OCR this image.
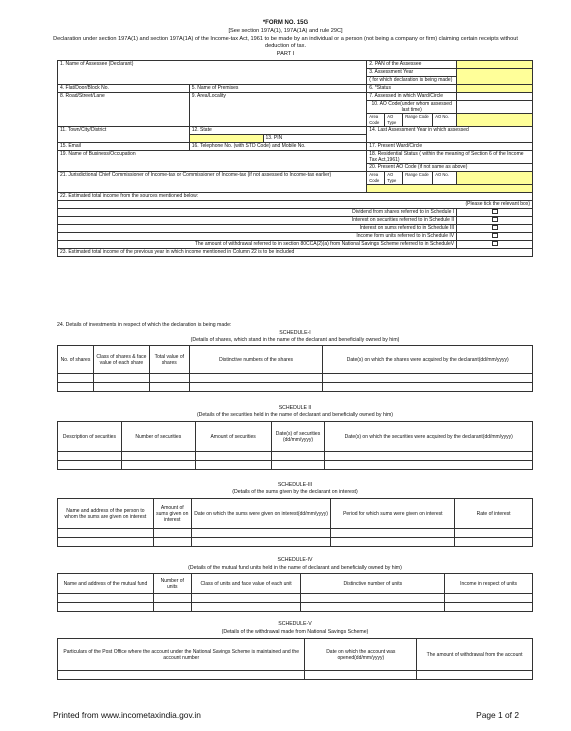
*FORM NO. 15G
[See section 197A(1), 197A(1A) and rule 29C]
Declaration under section 197A(1) and section 197A(1A) of the Income-tax Act, 1961 to be made by an individual or a person (not being a company or firm) claiming certain receipts without deduction of tax.
PART I
1. Name of Assessee (Declarant)			2. PAN of the Assessee				
			3. Assessment Year				
			( for which declaration is being made)				
4. Flat/Door/Block No.	5. Name of Premises		6. *Status				
8. Road/Street/Lane	9. Area/Locality		7. Assessed in which Ward/Circle				
			10. AO Code(under whom assessed last time)				
			Area Code	AO Type	Range Code	AO No.	
11. Town/City/District	12. State		14. Last Assessment Year in which assessed				
		13. PIN					
15. Email	16. Telephone No. (with STD Code) and Mobile No.		17. Present Ward/Circle				
19. Name of Business/Occupation			18. Residential Status ( within the meaning of Section 6 of the Income Tax Act,1961)				
			20. Present AO Code (if not same as above)				
21. Jurisdictional Chief Commissioner of Income-tax or Commissioner of Income-tax (if not assessed to Income-tax earlier)			Area Code	AO Type	Range Code	AO No.	

22. Estimated total income from the sources mentioned below:							
(Please tick the relevant box)							
Dividend from shares referred to in Schedule I							
Interest on securities referred to in Schedule II							
Interest on sums referred to in Schedule III							
Income form units referred to in Schedule IV							
The amount of withdrawal referred to in section 80CCA(2)(a) from National Savings Scheme referred to in ScheduleV							
23. Estimated total income of the previous year in which income mentioned in Column 22 is to be included							
24. Details of investments in respect of which the declaration is being made:
SCHEDULE-I
(Details of shares, which stand in the name of the declarant and beneficially owned by him)
No. of shares	Class of shares & face value of each share	Total value of shares	Distinctive numbers of the shares	Date(s) on which the shares were acquired by the declarant(dd/mm/yyyy)

SCHEDULE II
(Details of the securities held in the name of declarant and beneficially owned by him)
Description of securities	Number of securities	Amount of securities	Date(s) of securities (dd/mm/yyyy)	Date(s) on which the securities were acquired by the declarant(dd/mm/yyyy)

SCHEDULE-III
(Details of the sums given by the declarant on interest)
Name and address of the person to whom the sums are given on interest	Amount of sums given on interest	Date on which the sums were given on interest(dd/mm/yyyy)	Period for which sums were given on interest	Rate of interest

SCHEDULE-IV
(Details of the mutual fund units held in the name of declarant and beneficially owned by him)
Name and address of the mutual fund	Number of units	Class of units and face value of each unit	Distinctive number of units	Income in respect of units

SCHEDULE-V
(Details of the withdrawal made from National Savings Scheme)
Particulars of the Post Office where the account under the National Savings Scheme is maintained and the account number	Date on which the account was opened(dd/mm/yyyy)	The amount of withdrawal from the account

Printed from www.incometaxindia.gov.in	Page 1 of 2
